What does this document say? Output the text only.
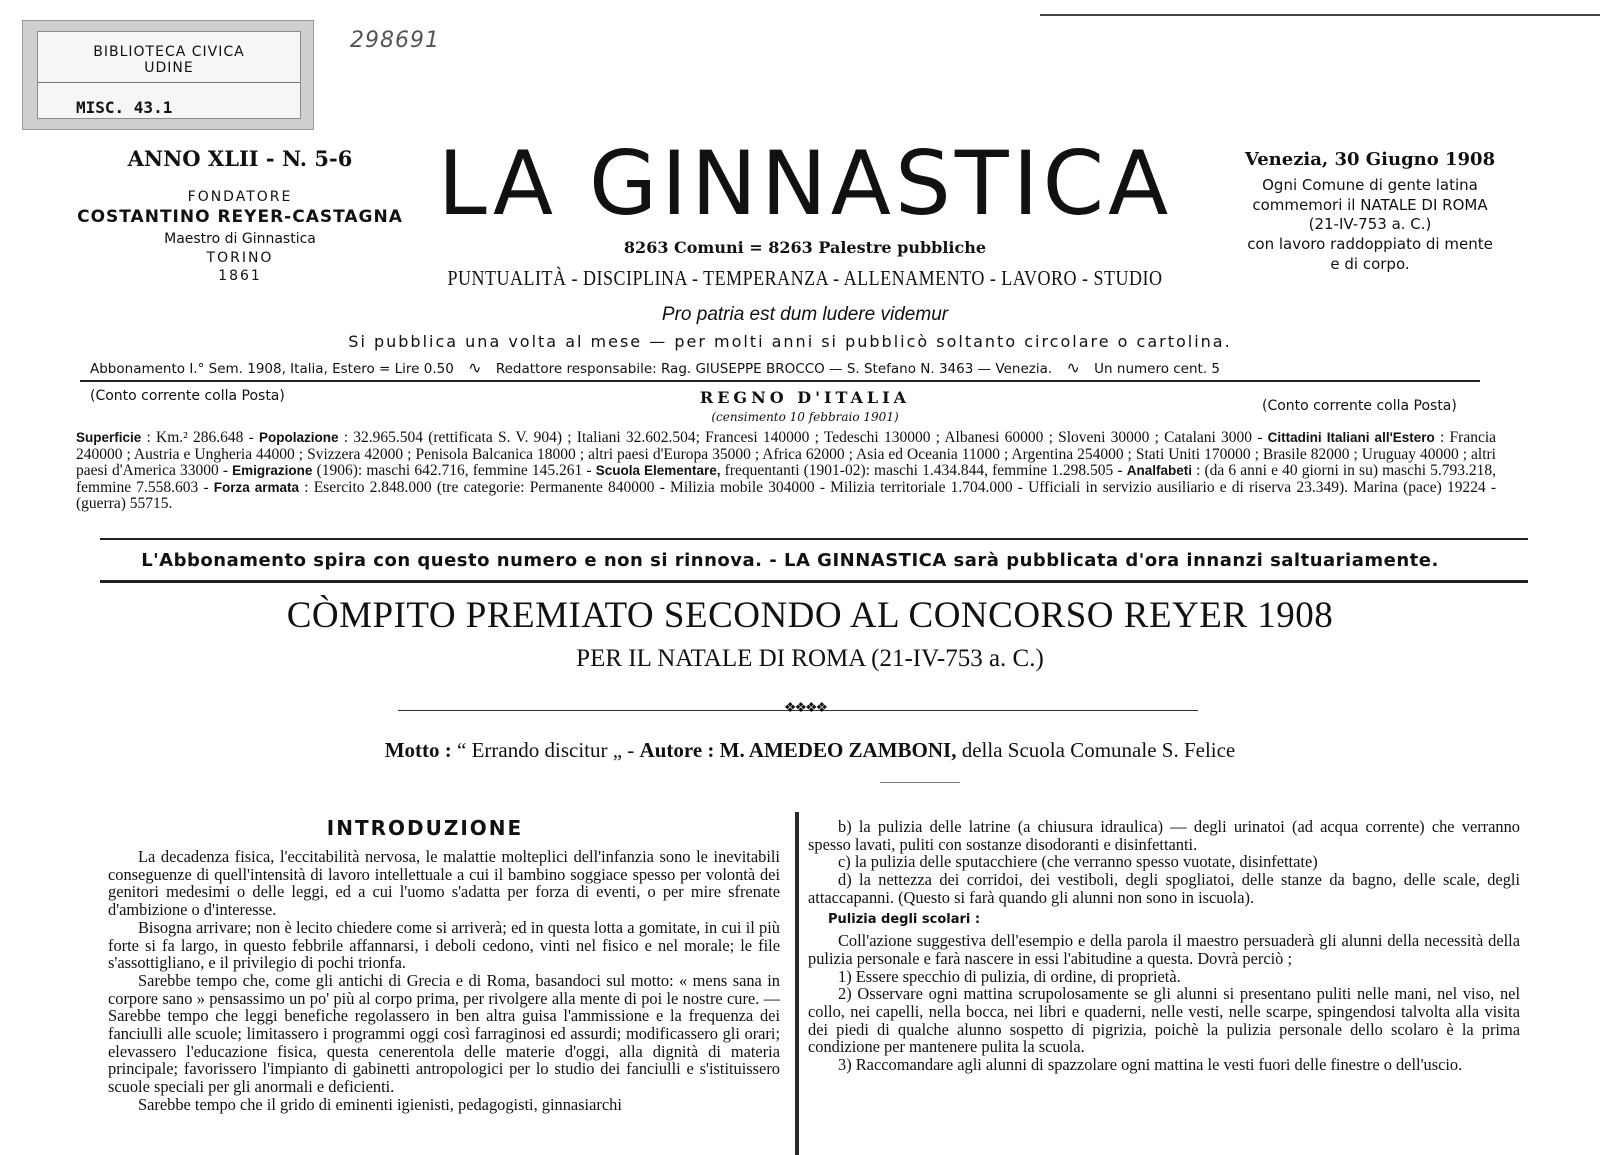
BIBLIOTECA CIVICA
UDINE
MISC. 43.1
298691
ANNO XLII - N. 5-6
FONDATORE
COSTANTINO REYER-CASTAGNA
Maestro di Ginnastica
TORINO
1861
LA GINNASTICA
8263 Comuni = 8263 Palestre pubbliche
PUNTUALITÀ - DISCIPLINA - TEMPERANZA - ALLENAMENTO - LAVORO - STUDIO
Pro patria est dum ludere videmur
Venezia, 30 Giugno 1908
Ogni Comune di gente latina
commemori il NATALE DI ROMA
(21-IV-753 a. C.)
con lavoro raddoppiato di mente
e di corpo.
Si pubblica una volta al mese — per molti anni si pubblicò soltanto circolare o cartolina.
Abbonamento I.° Sem. 1908, Italia, Estero = Lire 0.50 ∿ Redattore responsabile: Rag. GIUSEPPE BROCCO — S. Stefano N. 3463 — Venezia. ∿ Un numero cent. 5
(Conto corrente colla Posta)	REGNO D'ITALIA
(censimento 10 febbraio 1901)
(Conto corrente colla Posta)
Superficie : Km.² 286.648 - Popolazione : 32.965.504 (rettificata S. V. 904) ; Italiani 32.602.504; Francesi 140000 ; Tedeschi 130000 ; Albanesi 60000 ; Sloveni 30000 ; Catalani 3000 - Cittadini Italiani all'Estero : Francia 240000 ; Austria e Ungheria 44000 ; Svizzera 42000 ; Penisola Balcanica 18000 ; altri paesi d'Europa 35000 ; Africa 62000 ; Asia ed Oceania 11000 ; Argentina 254000 ; Stati Uniti 170000 ; Brasile 82000 ; Uruguay 40000 ; altri paesi d'America 33000 - Emigrazione (1906): maschi 642.716, femmine 145.261 - Scuola Elementare, frequentanti (1901-02): maschi 1.434.844, femmine 1.298.505 - Analfabeti : (da 6 anni e 40 giorni in su) maschi 5.793.218, femmine 7.558.603 - Forza armata : Esercito 2.848.000 (tre categorie: Permanente 840000 - Milizia mobile 304000 - Milizia territoriale 1.704.000 - Ufficiali in servizio ausiliario e di riserva 23.349). Marina (pace) 19224 - (guerra) 55715.
L'Abbonamento spira con questo numero e non si rinnova. - LA GINNASTICA sarà pubblicata d'ora innanzi saltuariamente.
CÒMPITO PREMIATO SECONDO AL CONCORSO REYER 1908
PER IL NATALE DI ROMA (21-IV-753 a. C.)
❖❖❖❖
Motto : “ Errando discitur „ - Autore : M. AMEDEO ZAMBONI, della Scuola Comunale S. Felice
INTRODUZIONE

La decadenza fisica, l'eccitabilità nervosa, le malattie molteplici dell'infanzia sono le inevitabili conseguenze di quell'intensità di lavoro intellettuale a cui il bambino soggiace spesso per volontà dei genitori medesimi o delle leggi, ed a cui l'uomo s'adatta per forza di eventi, o per mire sfrenate d'ambizione o d'interesse.

Bisogna arrivare; non è lecito chiedere come si arriverà; ed in questa lotta a gomitate, in cui il più forte si fa largo, in questo febbrile affannarsi, i deboli cedono, vinti nel fisico e nel morale; le file s'assottigliano, e il privilegio di pochi trionfa.

Sarebbe tempo che, come gli antichi di Grecia e di Roma, basandoci sul motto: « mens sana in corpore sano » pensassimo un po' più al corpo prima, per rivolgere alla mente di poi le nostre cure. — Sarebbe tempo che leggi benefiche regolassero in ben altra guisa l'ammissione e la frequenza dei fanciulli alle scuole; limitassero i programmi oggi così farraginosi ed assurdi; modificassero gli orari; elevassero l'educazione fisica, questa cenerentola delle materie d'oggi, alla dignità di materia principale; favorissero l'impianto di gabinetti antropologici per lo studio dei fanciulli e s'istituissero scuole speciali per gli anormali e deficienti.

Sarebbe tempo che il grido di eminenti igienisti, pedagogisti, ginnasiarchi

b) la pulizia delle latrine (a chiusura idraulica) — degli urinatoi (ad acqua corrente) che verranno spesso lavati, puliti con sostanze disodoranti e disinfettanti.

c) la pulizia delle sputacchiere (che verranno spesso vuotate, disinfettate)

d) la nettezza dei corridoi, dei vestiboli, degli spogliatoi, delle stanze da bagno, delle scale, degli attaccapanni. (Questo si farà quando gli alunni non sono in iscuola).

Pulizia degli scolari :

Coll'azione suggestiva dell'esempio e della parola il maestro persuaderà gli alunni della necessità della pulizia personale e farà nascere in essi l'abitudine a questa. Dovrà perciò ;

1) Essere specchio di pulizia, di ordine, di proprietà.

2) Osservare ogni mattina scrupolosamente se gli alunni si presentano puliti nelle mani, nel viso, nel collo, nei capelli, nella bocca, nei libri e quaderni, nelle vesti, nelle scarpe, spingendosi talvolta alla visita dei piedi di qualche alunno sospetto di pigrizia, poichè la pulizia personale dello scolaro è la prima condizione per mantenere pulita la scuola.

3) Raccomandare agli alunni di spazzolare ogni mattina le vesti fuori delle finestre o dell'uscio.
